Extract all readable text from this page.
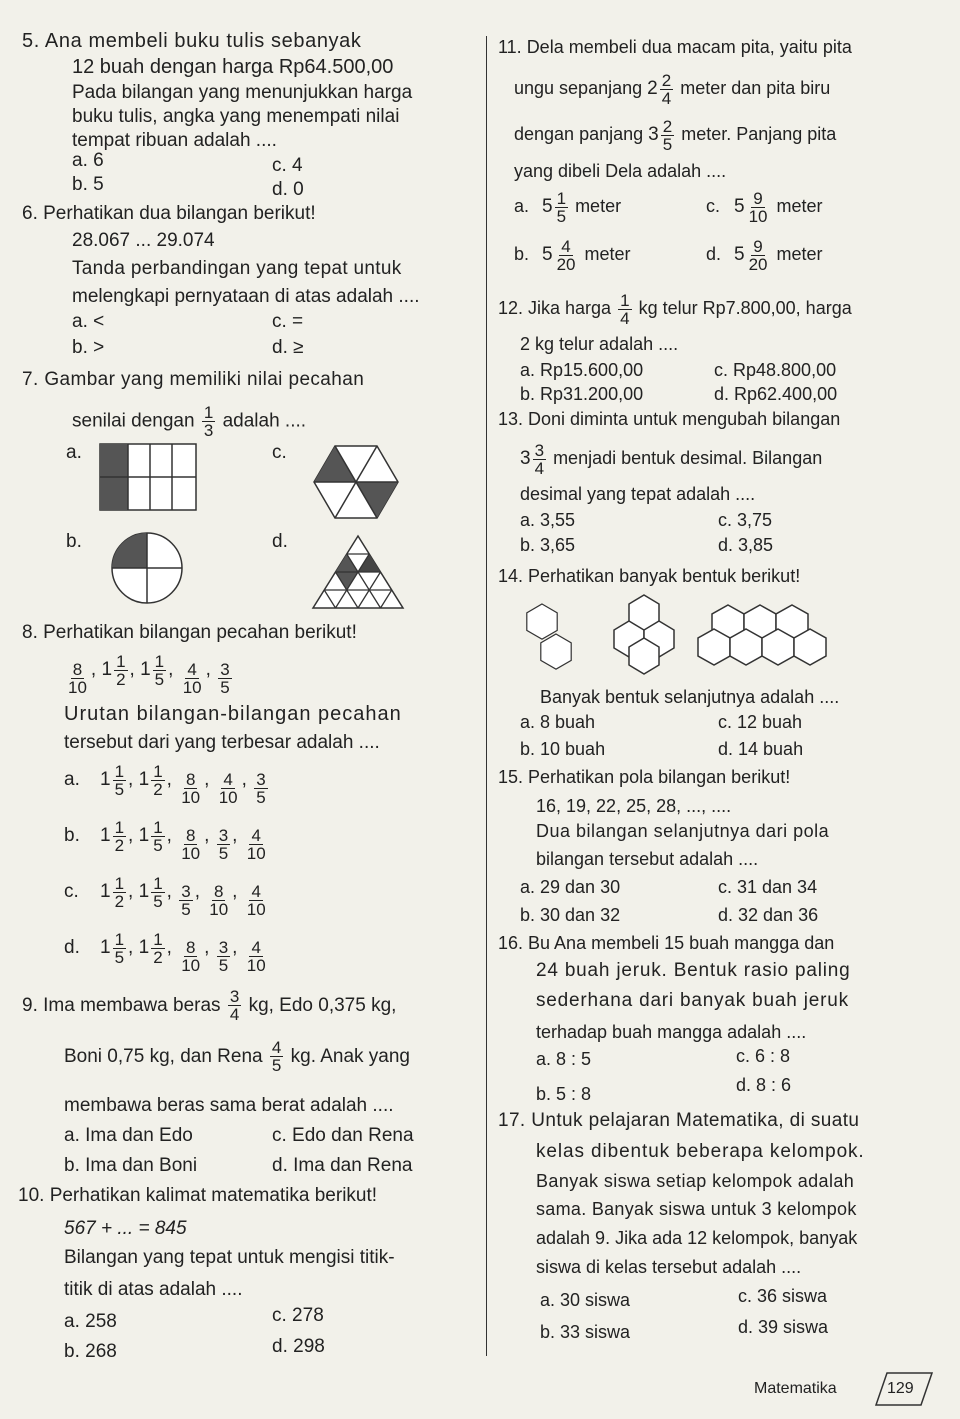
5. Ana membeli buku tulis sebanyak
12 buah dengan harga Rp64.500,00
Pada bilangan yang menunjukkan harga
buku tulis, angka yang menempati nilai
tempat ribuan adalah ....
a. 6	c. 4
b. 5	d. 0
6. Perhatikan dua bilangan berikut!
28.067 ... 29.074
Tanda perbandingan yang tepat untuk
melengkapi pernyataan di atas adalah ....
a. <	c. =
b. >	d. ≥
7. Gambar yang memiliki nilai pecahan
senilai dengan $\frac{1}{3}$ adalah ....
a.	c.
b.	d.
8. Perhatikan bilangan pecahan berikut!
$\frac{8}{10}$ , $1 \frac{1}{2}$ , $1 \frac{1}{5}$ , $\frac{4}{10}$ , $\frac{3}{5}$
Urutan bilangan-bilangan pecahan
tersebut dari yang terbesar adalah ....
a. $1 \frac{1}{5}$ , $1 \frac{1}{2}$ , $\frac{8}{10}$ , $\frac{4}{10}$ , $\frac{3}{5}$
b. $1 \frac{1}{2}$ , $1 \frac{1}{5}$ , $\frac{8}{10}$ , $\frac{3}{5}$ , $\frac{4}{10}$
c. $1 \frac{1}{2}$ , $1 \frac{1}{5}$ , $\frac{3}{5}$ , $\frac{8}{10}$ , $\frac{4}{10}$
d. $1 \frac{1}{5}$ , $1 \frac{1}{2}$ , $\frac{8}{10}$ , $\frac{3}{5}$ , $\frac{4}{10}$
9. Ima membawa beras $\frac{3}{4}$ kg, Edo 0,375 kg,
Boni 0,75 kg, dan Rena $\frac{4}{5}$ kg. Anak yang
membawa beras sama berat adalah ....
a. Ima dan Edo	c. Edo dan Rena
b. Ima dan Boni	d. Ima dan Rena
10. Perhatikan kalimat matematika berikut!
567 + ... = 845
Bilangan yang tepat untuk mengisi titik-
titik di atas adalah ....
a. 258	c. 278
b. 268	d. 298
11. Dela membeli dua macam pita, yaitu pita
ungu sepanjang $2 \frac{2}{4}$ meter dan pita biru
dengan panjang $3 \frac{2}{5}$ meter. Panjang pita
yang dibeli Dela adalah ....
a. $5 \frac{1}{5}$ meter	c. $5 \frac{9}{10}$ meter
b. $5 \frac{4}{20}$ meter	d. $5 \frac{9}{20}$ meter
12. Jika harga $\frac{1}{4}$ kg telur Rp7.800,00, harga
2 kg telur adalah ....
a. Rp15.600,00	c. Rp48.800,00
b. Rp31.200,00	d. Rp62.400,00
13. Doni diminta untuk mengubah bilangan
$3 \frac{3}{4}$ menjadi bentuk desimal. Bilangan
desimal yang tepat adalah ....
a. 3,55	c. 3,75
b. 3,65	d. 3,85
14. Perhatikan banyak bentuk berikut!
Banyak bentuk selanjutnya adalah ....
a. 8 buah	c. 12 buah
b. 10 buah	d. 14 buah
15. Perhatikan pola bilangan berikut!
16, 19, 22, 25, 28, ..., ....
Dua bilangan selanjutnya dari pola
bilangan tersebut adalah ....
a. 29 dan 30	c. 31 dan 34
b. 30 dan 32	d. 32 dan 36
16. Bu Ana membeli 15 buah mangga dan
24 buah jeruk. Bentuk rasio paling
sederhana dari banyak buah jeruk
terhadap buah mangga adalah ....
a. 8 : 5	c. 6 : 8
b. 5 : 8	d. 8 : 6
17. Untuk pelajaran Matematika, di suatu
kelas dibentuk beberapa kelompok.
Banyak siswa setiap kelompok adalah
sama. Banyak siswa untuk 3 kelompok
adalah 9. Jika ada 12 kelompok, banyak
siswa di kelas tersebut adalah ....
a. 30 siswa	c. 36 siswa
b. 33 siswa	d. 39 siswa
Matematika	129
